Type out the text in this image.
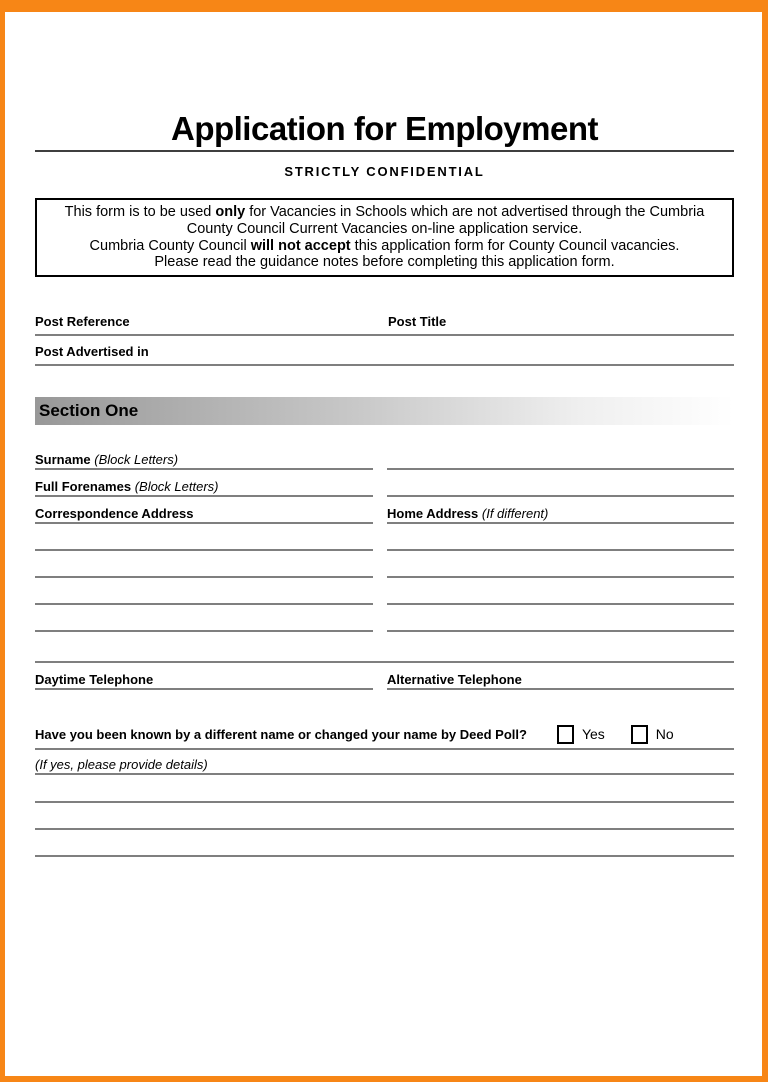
Application for Employment
STRICTLY CONFIDENTIAL
This form is to be used only for Vacancies in Schools which are not advertised through the Cumbria County Council Current Vacancies on-line application service.
Cumbria County Council will not accept this application form for County Council vacancies.
Please read the guidance notes before completing this application form.
Post Reference	Post Title
Post Advertised in
Section One
Surname (Block Letters)
Full Forenames (Block Letters)
Correspondence Address	Home Address (If different)
Daytime Telephone	Alternative Telephone
Have you been known by a different name or changed your name by Deed Poll?	Yes	No
(If yes, please provide details)
